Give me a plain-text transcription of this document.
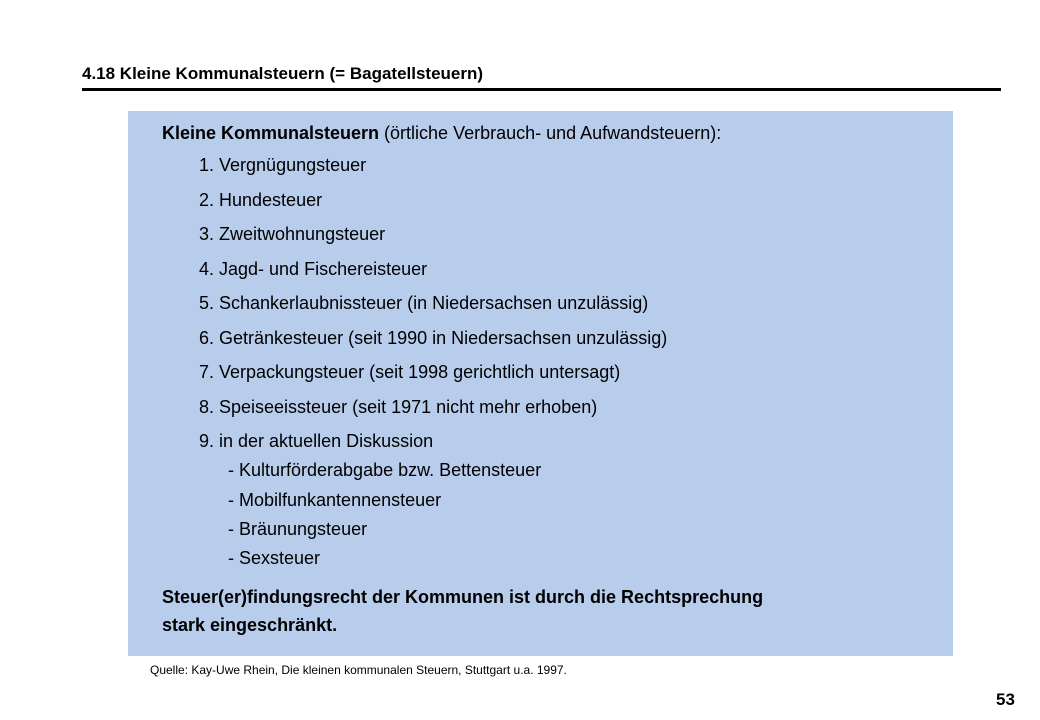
4.18 Kleine Kommunalsteuern (= Bagatellsteuern)

Kleine Kommunalsteuern (örtliche Verbrauch- und Aufwandsteuern):

1. Vergnügungsteuer

2. Hundesteuer

3. Zweitwohnungsteuer

4. Jagd- und Fischereisteuer

5. Schankerlaubnissteuer (in Niedersachsen unzulässig)

6. Getränkesteuer (seit 1990 in Niedersachsen unzulässig)

7. Verpackungsteuer (seit 1998 gerichtlich untersagt)

8. Speiseeissteuer (seit 1971 nicht mehr erhoben)

9. in der aktuellen Diskussion

- Kulturförderabgabe bzw. Bettensteuer

- Mobilfunkantennensteuer

- Bräunungsteuer

- Sexsteuer

Steuer(er)findungsrecht der Kommunen ist durch die Rechtsprechung
stark eingeschränkt.

Quelle: Kay-Uwe Rhein, Die kleinen kommunalen Steuern, Stuttgart u.a. 1997.

53
